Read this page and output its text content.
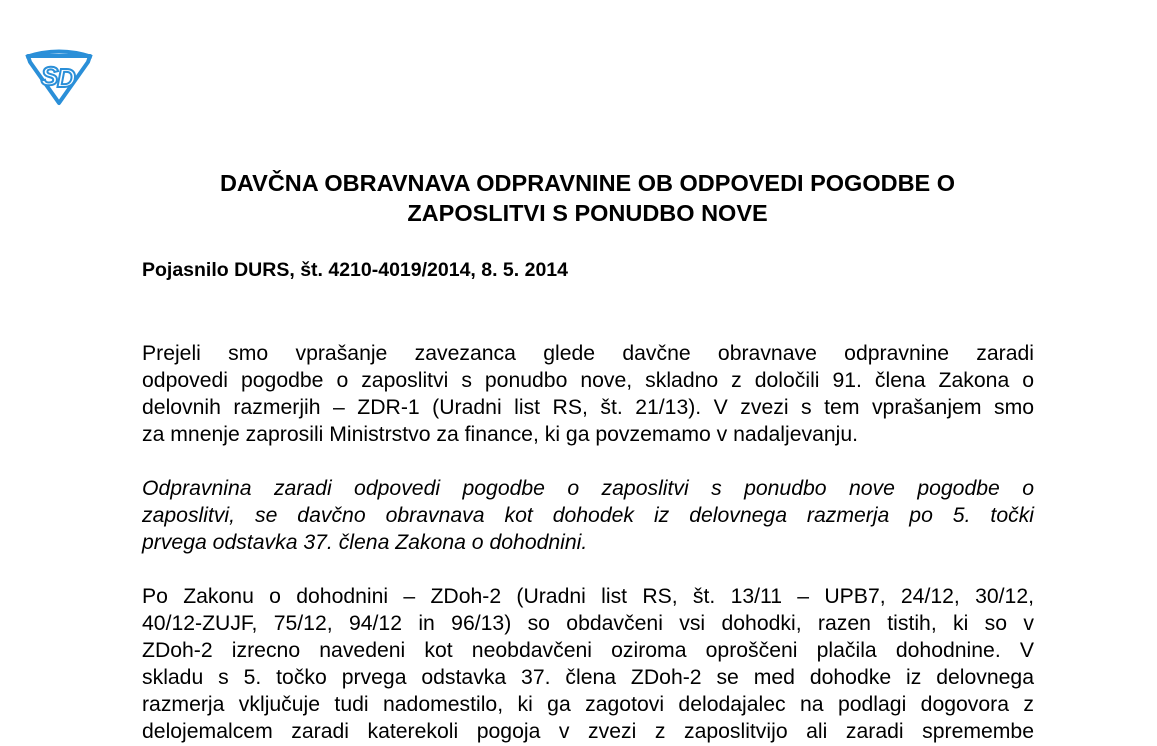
S
D
DAVČNA OBRAVNAVA ODPRAVNINE OB ODPOVEDI POGODBE O
ZAPOSLITVI S PONUDBO NOVE

Pojasnilo DURS, št. 4210-4019/2014, 8. 5. 2014

Prejeli smo vprašanje zavezanca glede davčne obravnave odpravnine zaradi
odpovedi pogodbe o zaposlitvi s ponudbo nove, skladno z določili 91. člena Zakona o
delovnih razmerjih – ZDR-1 (Uradni list RS, št. 21/13). V zvezi s tem vprašanjem smo
za mnenje zaprosili Ministrstvo za finance, ki ga povzemamo v nadaljevanju.

Odpravnina zaradi odpovedi pogodbe o zaposlitvi s ponudbo nove pogodbe o
zaposlitvi, se davčno obravnava kot dohodek iz delovnega razmerja po 5. točki
prvega odstavka 37. člena Zakona o dohodnini.

Po Zakonu o dohodnini – ZDoh-2 (Uradni list RS, št. 13/11 – UPB7, 24/12, 30/12,
40/12-ZUJF, 75/12, 94/12 in 96/13) so obdavčeni vsi dohodki, razen tistih, ki so v
ZDoh-2 izrecno navedeni kot neobdavčeni oziroma oproščeni plačila dohodnine. V
skladu s 5. točko prvega odstavka 37. člena ZDoh-2 se med dohodke iz delovnega
razmerja vključuje tudi nadomestilo, ki ga zagotovi delodajalec na podlagi dogovora z
delojemalcem zaradi katerekoli pogoja v zvezi z zaposlitvijo ali zaradi spremembe
